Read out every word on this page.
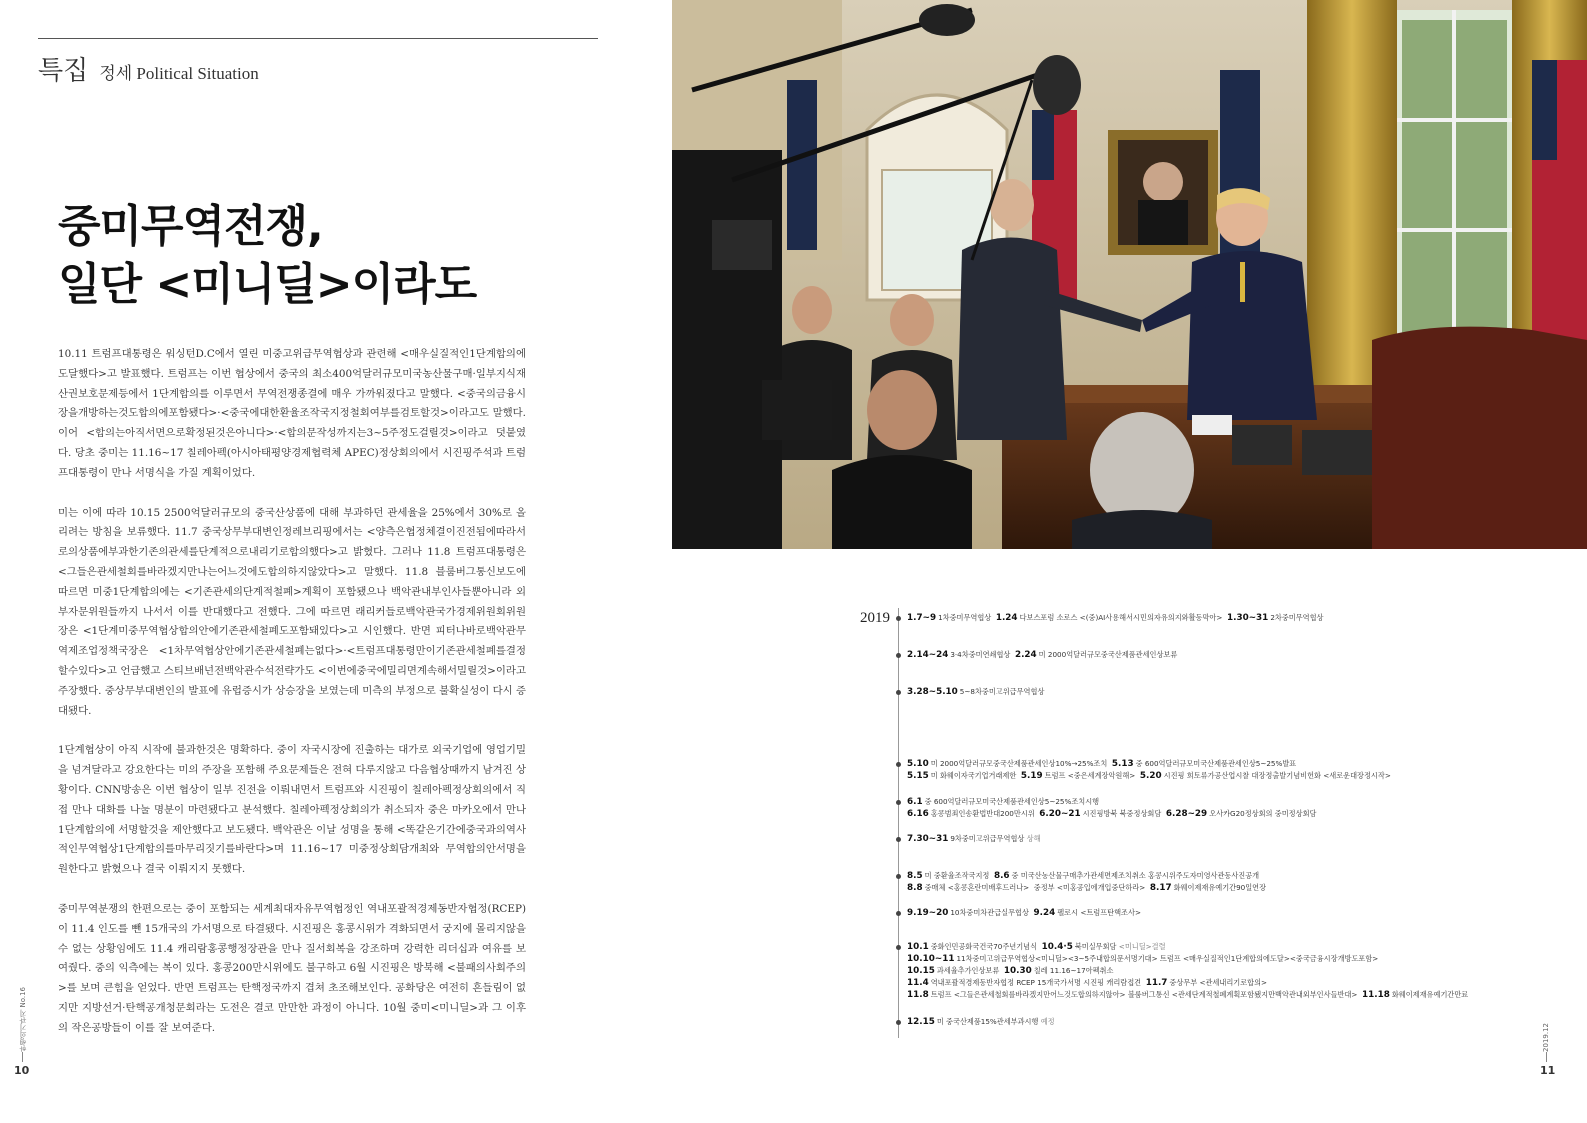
특집 정세 Political Situation
중미무역전쟁,
일단 <미니딜>이라도

10.11 트럼프대통령은 워싱턴D.C에서 열린 미중고위급무역협상과 관련해 <매우실질적인1단계합의에도달했다>고 발표했다. 트럼프는 이번 협상에서 중국의 최소400억달러규모미국농산물구매·일부지식재산권보호문제등에서 1단계합의를 이루면서 무역전쟁종결에 매우 가까워졌다고 말했다. <중국의금융시장을개방하는것도합의에포함됐다>·<중국에대한환율조작국지정철회여부를검토할것>이라고도 말했다. 이어 <합의는아직서면으로확정된것은아니다>·<합의문작성까지는3~5주정도걸릴것>이라고 덧붙였다. 당초 중미는 11.16~17 칠레아펙(아시아태평양경제협력체 APEC)정상회의에서 시진핑주석과 트럼프대통령이 만나 서명식을 가질 계획이었다.

미는 이에 따라 10.15 2500억달러규모의 중국산상품에 대해 부과하던 관세율을 25%에서 30%로 올리려는 방침을 보류했다. 11.7 중국상무부대변인정레브리핑에서는 <양측은협정체결이진전됨에따라서로의상품에부과한기존의관세를단계적으로내리기로합의했다>고 밝혔다. 그러나 11.8 트럼프대통령은 <그들은관세철회를바라겠지만나는어느것에도합의하지않았다>고 말했다. 11.8 블룸버그통신보도에 따르면 미중1단계합의에는 <기존관세의단계적철폐>계획이 포함됐으나 백악관내부인사들뿐아니라 외부자문위원들까지 나서서 이를 반대했다고 전했다. 그에 따르면 래리커들로백악관국가경제위원회위원장은 <1단계미중무역협상합의안에기존관세철폐도포함돼있다>고 시인했다. 반면 피터나바로백악관무역제조업정책국장은 <1차무역협상안에기존관세철폐는없다>·<트럼프대통령만이기존관세철폐를결정할수있다>고 언급했고 스티브배넌전백악관수석전략가도 <이번에중국에밀리면계속해서밀릴것>이라고 주장했다. 중상무부대변인의 발표에 유럽증시가 상승장을 보였는데 미측의 부정으로 불확실성이 다시 증대됐다.

1단계협상이 아직 시작에 불과한것은 명확하다. 중이 자국시장에 진출하는 대가로 외국기업에 영업기밀을 넘겨달라고 강요한다는 미의 주장을 포함해 주요문제들은 전혀 다루지않고 다음협상때까지 남겨진 상황이다. CNN방송은 이번 협상이 일부 진전을 이뤄내면서 트럼프와 시진핑이 칠레아펙정상회의에서 직접 만나 대화를 나눌 명분이 마련됐다고 분석했다. 칠레아펙정상회의가 취소되자 중은 마카오에서 만나 1단계합의에 서명할것을 제안했다고 보도됐다. 백악관은 이날 성명을 통해 <똑같은기간에중국과의역사적인무역협상1단계합의를마무리짓기를바란다>며 11.16~17 미중정상회담개최와 무역합의안서명을 원한다고 밝혔으나 결국 이뤄지지 못했다.

중미무역분쟁의 한편으로는 중이 포함되는 세계최대자유무역협정인 역내포괄적경제동반자협정(RCEP)이 11.4 인도를 뺀 15개국의 가서명으로 타결됐다. 시진핑은 홍콩시위가 격화되면서 궁지에 몰리지않을수 없는 상황임에도 11.4 캐리람홍콩행정장관을 만나 질서회복을 강조하며 강력한 리더십과 여유를 보여줬다. 중의 익측에는 복이 있다. 홍콩200만시위에도 불구하고 6월 시진핑은 방북해 <불패의사회주의>를 보며 큰힘을 얻었다. 반면 트럼프는 탄핵정국까지 겹쳐 초조해보인다. 공화당은 여전히 흔들림이 없지만 지방선거·탄핵공개청문회라는 도전은 결코 만만한 과정이 아니다. 10월 중미<미니딜>과 그 이후의 작은공방들이 이를 잘 보여준다.

한행의기관지 No.16
10
2019.12
11
2019 1.7~9 1차중미무역협상 1.24 다보스포럼 소로스 <(중)AI사용해서시민의자유의지와활동막아> 1.30~31 2차중미무역협상
2.14~24 3·4차중미연쇄협상 2.24 미 2000억달러규모중국산제품관세인상보류
3.28~5.10 5~8차중미고위급무역협상
5.10 미 2000억달러규모중국산제품관세인상10%→25%조치 5.13 중 600억달러규모미국산제품관세인상5~25%발표
5.15 미 화웨이자국기업거래제한 5.19 트럼프 <중은세계장악원해> 5.20 시진핑 희토류가공산업시찰 대장정출발기념비헌화 <새로운대장정시작>
6.1 중 600억달러규모미국산제품관세인상5~25%조치시행
6.16 홍콩범죄인송환법반대200만시위 6.20~21 시진핑방북 북중정상회담 6.28~29 오사카G20정상회의 중미정상회담
7.30~31 9차중미고위급무역협상 상해
8.5 미 중환율조작국지정 8.6 중 미국산농산물구매추가관세면제조치취소 홍콩시위주도자미영사관동사진공개
8.8 중매체 <홍콩혼란미배후드러나> 중정부 <미홍공입에개입중단하라> 8.17 화웨이제재유예기간90일연장
9.19~20 10차중미차관급실무협상 9.24 펠로시 <트럼프탄핵조사>
10.1 중화인민공화국건국70주년기념식 10.4·5 북미실무회담 <미니딜>결렬
10.10~11 11차중미고위급무역협상<미니딜><3~5주내합의문서명기대> 트럼프 <매우실질적인1단계합의에도달><중국금융시장개방도포함>
10.15 과세율추가인상보류 10.30 칠레 11.16~17아펙취소
11.4 역내포괄적경제동반자협정 RCEP 15개국가서명 시진핑 캐리람접견 11.7 중상무부 <관세내리기로합의>
11.8 트럼프 <그들은관세철회를바라겠지만어느것도합의하지않아> 블룸버그통신 <관세단계적철폐계획포함됐지만백악관내외부인사들반대> 11.18 화웨이제재유예기간만료
12.15 미 중국산제품15%관세부과시행 예정
